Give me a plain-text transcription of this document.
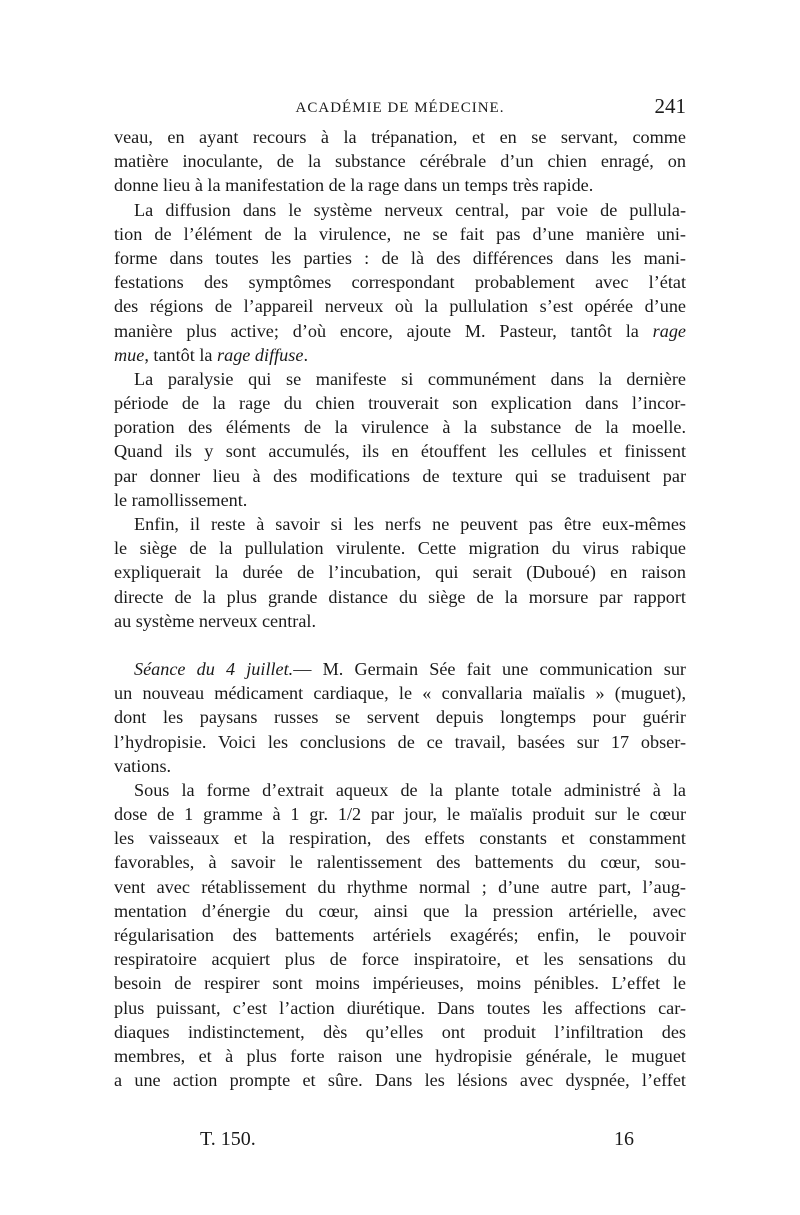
ACADÉMIE DE MÉDECINE.	241
veau, en ayant recours à la trépanation, et en se servant, comme
matière inoculante, de la substance cérébrale d’un chien enragé, on
donne lieu à la manifestation de la rage dans un temps très rapide.
La diffusion dans le système nerveux central, par voie de pullula-
tion de l’élément de la virulence, ne se fait pas d’une manière uni-
forme dans toutes les parties : de là des différences dans les mani-
festations des symptômes correspondant probablement avec l’état
des régions de l’appareil nerveux où la pullulation s’est opérée d’une
manière plus active; d’où encore, ajoute M. Pasteur, tantôt la rage
mue, tantôt la rage diffuse.
La paralysie qui se manifeste si communément dans la dernière
période de la rage du chien trouverait son explication dans l’incor-
poration des éléments de la virulence à la substance de la moelle.
Quand ils y sont accumulés, ils en étouffent les cellules et finissent
par donner lieu à des modifications de texture qui se traduisent par
le ramollissement.
Enfin, il reste à savoir si les nerfs ne peuvent pas être eux-mêmes
le siège de la pullulation virulente. Cette migration du virus rabique
expliquerait la durée de l’incubation, qui serait (Duboué) en raison
directe de la plus grande distance du siège de la morsure par rapport
au système nerveux central.
Séance du 4 juillet.— M. Germain Sée fait une communication sur
un nouveau médicament cardiaque, le « convallaria maïalis » (muguet),
dont les paysans russes se servent depuis longtemps pour guérir
l’hydropisie. Voici les conclusions de ce travail, basées sur 17 obser-
vations.
Sous la forme d’extrait aqueux de la plante totale administré à la
dose de 1 gramme à 1 gr. 1/2 par jour, le maïalis produit sur le cœur
les vaisseaux et la respiration, des effets constants et constamment
favorables, à savoir le ralentissement des battements du cœur, sou-
vent avec rétablissement du rhythme normal ; d’une autre part, l’aug-
mentation d’énergie du cœur, ainsi que la pression artérielle, avec
régularisation des battements artériels exagérés; enfin, le pouvoir
respiratoire acquiert plus de force inspiratoire, et les sensations du
besoin de respirer sont moins impérieuses, moins pénibles. L’effet le
plus puissant, c’est l’action diurétique. Dans toutes les affections car-
diaques indistinctement, dès qu’elles ont produit l’infiltration des
membres, et à plus forte raison une hydropisie générale, le muguet
a une action prompte et sûre. Dans les lésions avec dyspnée, l’effet
T. 150.	16
